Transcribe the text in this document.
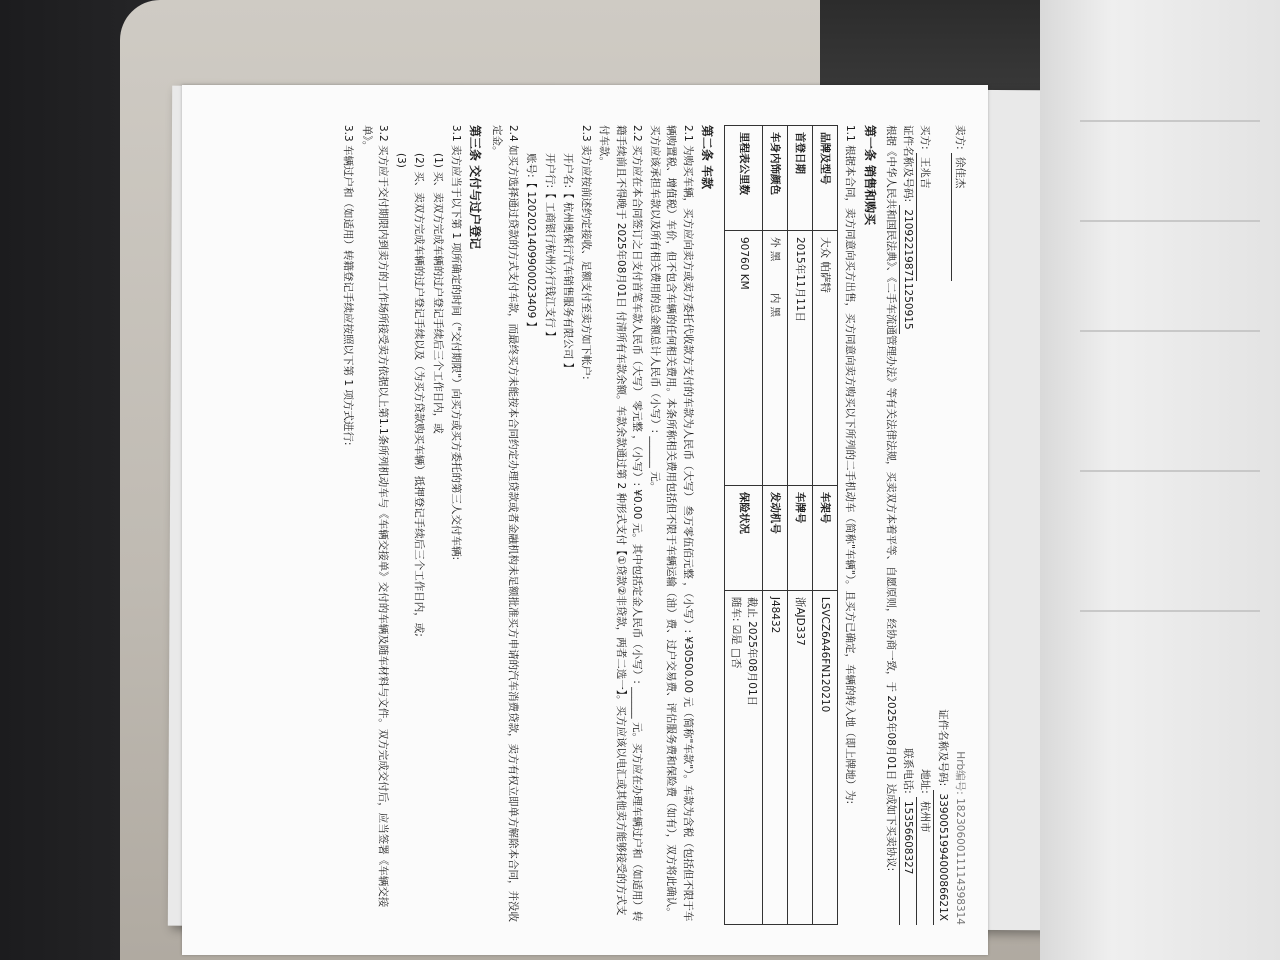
卖方: 徐佳杰
Hrb编号: 1823060011114398314
证件名称及号码: 339005199400086621X
买方: 王兆吉
地址: 杭州市
证件名称及号码: 210922198711250915
联系电话: 15356608327

根据《中华人民共和国民法典》、《二手车流通管理办法》等有关法律法规，买卖双方本着平等、自愿原则，经协商一致，于 2025年08月01日 达成如下买卖协议:

第一条 销售和购买

1.1 根据本合同，卖方同意向买方出售，买方同意向卖方购买以下所列的二手机动车（简称"车辆"）。且买方已确定，车辆的转入地（即上牌地）为:

品牌及型号	大众 帕萨特	车架号	LSVCZ6A46FN120210
首登日期	2015年11月11日	车牌号	浙AJD337
车身内饰颜色	外 黑　　　内 黑	发动机号	J48432
里程表公里数	90760 KM	保险状况	截止 2025年08月01日
随车: ☑是 □否
第二条 车款

2.1 为购买车辆，买方应向卖方或卖方委托代收款方支付的车款为人民币（大写） 叁万零伍佰元整 ，（小写）: ¥30500.00 元（简称"车款"）。车款为含税（包括但不限于车辆购置税、增值税）车价，但不包含车辆的任何相关费用。本条所称相关费用包括但不限于车辆运输（油）费、过户交易费、评估服务费和保险费（如有），双方将此确认。买方应该承担车款以及所有相关费用的总金额总计人民币（小写）: ______ 元。

2.2 买方应在本合同签订之日支付首笔车款人民币（大写） 零元整 ，（小写）: ¥0.00 元。其中包括定金人民币（小写）: ______ 元。买方应在办理车辆过户和（如适用）转籍手续前且不得晚于 2025年08月01日 付清所有车款余额。车款余款通过第 2 种形式支付【①贷款②非贷款，两者二选一】。买方应该以电汇或其他卖方能够接受的方式支付车款。

2.3 卖方应按前述约定接收、足额支付至卖方如下帐户:

开户名:【 杭州奥保行汽车销售服务有限公司 】

开户行:【 工商银行杭州分行钱江支行 】

账号:【 1202021409900023409 】

2.4 如买方选择通过贷款的方式支付车款，而最终买方未能按本合同约定办理贷款或者金融机构未足额批准买方申请的汽车消费贷款，卖方有权立即单方解除本合同，并没收定金。

第三条 交付与过户登记

3.1 卖方应当于以下第 1 项所确定的时间（"交付期限"）向买方或买方委托的第三人交付车辆:

(1) 买、卖双方完成车辆的过户登记手续后三个工作日内，或

(2) 买、卖双方完成车辆的过户登记手续以及（为买方贷款购买车辆）抵押登记手续后三个工作日内，或;

(3)

3.2 买方应于交付期限内到卖方的工作场所接受卖方依据以上第1.1条所列机动车与《车辆交接单》交付的车辆及随车材料与文件。双方完成交付后，应当签署《车辆交接单》。

3.3 车辆过户和（如适用）转籍登记手续应按照以下第 1 项方式进行:
